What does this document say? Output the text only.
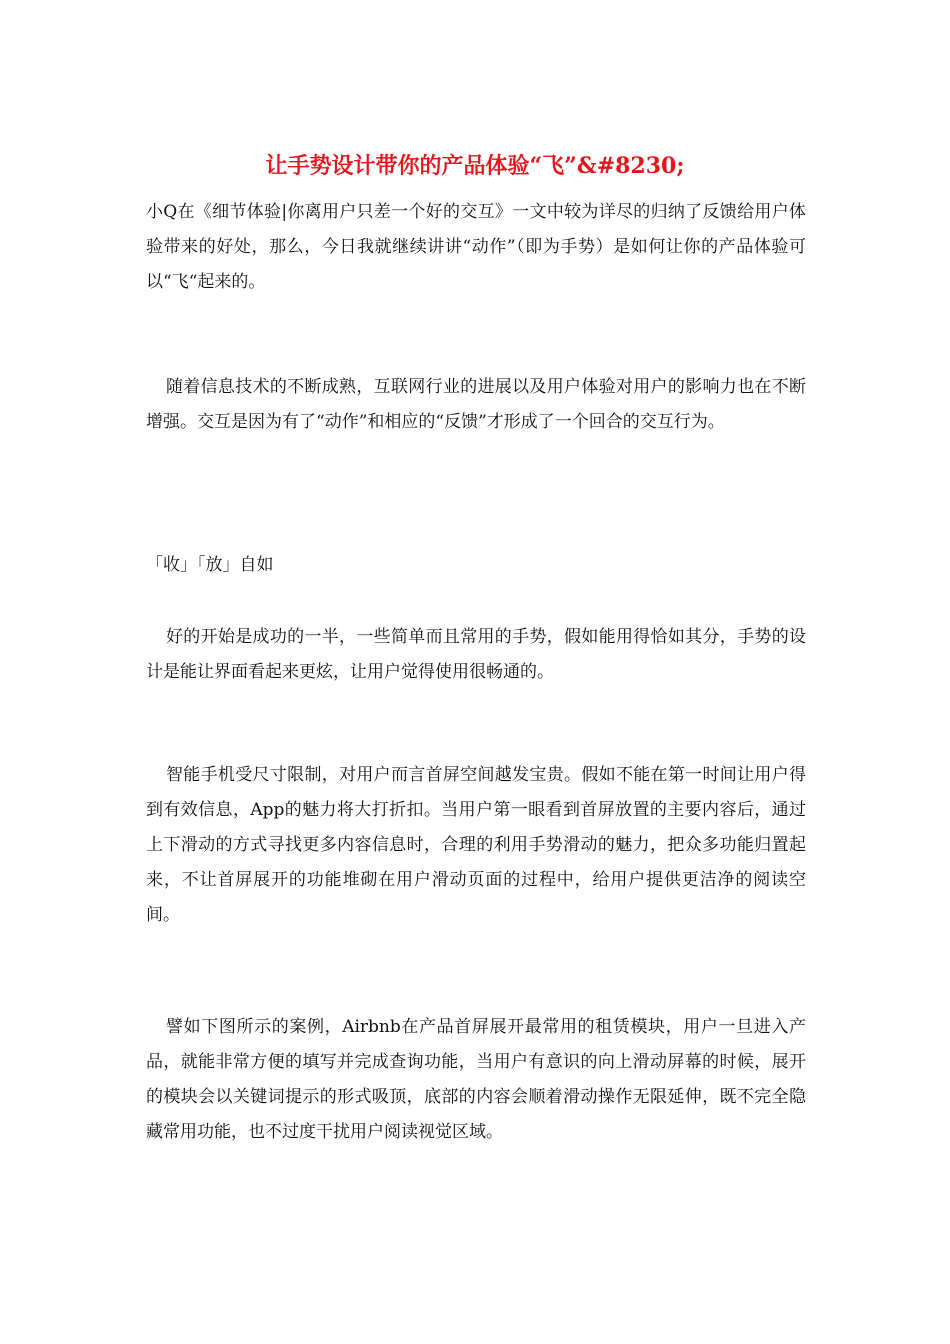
让手势设计带你的产品体验“飞”&#8230;

小Q在《细节体验|你离用户只差一个好的交互》一文中较为详尽的归纳了反馈给用户体验带来的好处，那么，今日我就继续讲讲“动作”（即为手势）是如何让你的产品体验可以“飞“起来的。

随着信息技术的不断成熟，互联网行业的进展以及用户体验对用户的影响力也在不断增强。交互是因为有了“动作”和相应的“反馈”才形成了一个回合的交互行为。

「收」「放」自如

好的开始是成功的一半，一些简单而且常用的手势，假如能用得恰如其分，手势的设计是能让界面看起来更炫，让用户觉得使用很畅通的。

智能手机受尺寸限制，对用户而言首屏空间越发宝贵。假如不能在第一时间让用户得到有效信息，App的魅力将大打折扣。当用户第一眼看到首屏放置的主要内容后，通过上下滑动的方式寻找更多内容信息时，合理的利用手势滑动的魅力，把众多功能归置起来，不让首屏展开的功能堆砌在用户滑动页面的过程中，给用户提供更洁净的阅读空间。

譬如下图所示的案例，Airbnb在产品首屏展开最常用的租赁模块，用户一旦进入产品，就能非常方便的填写并完成查询功能，当用户有意识的向上滑动屏幕的时候，展开的模块会以关键词提示的形式吸顶，底部的内容会顺着滑动操作无限延伸，既不完全隐藏常用功能，也不过度干扰用户阅读视觉区域。
